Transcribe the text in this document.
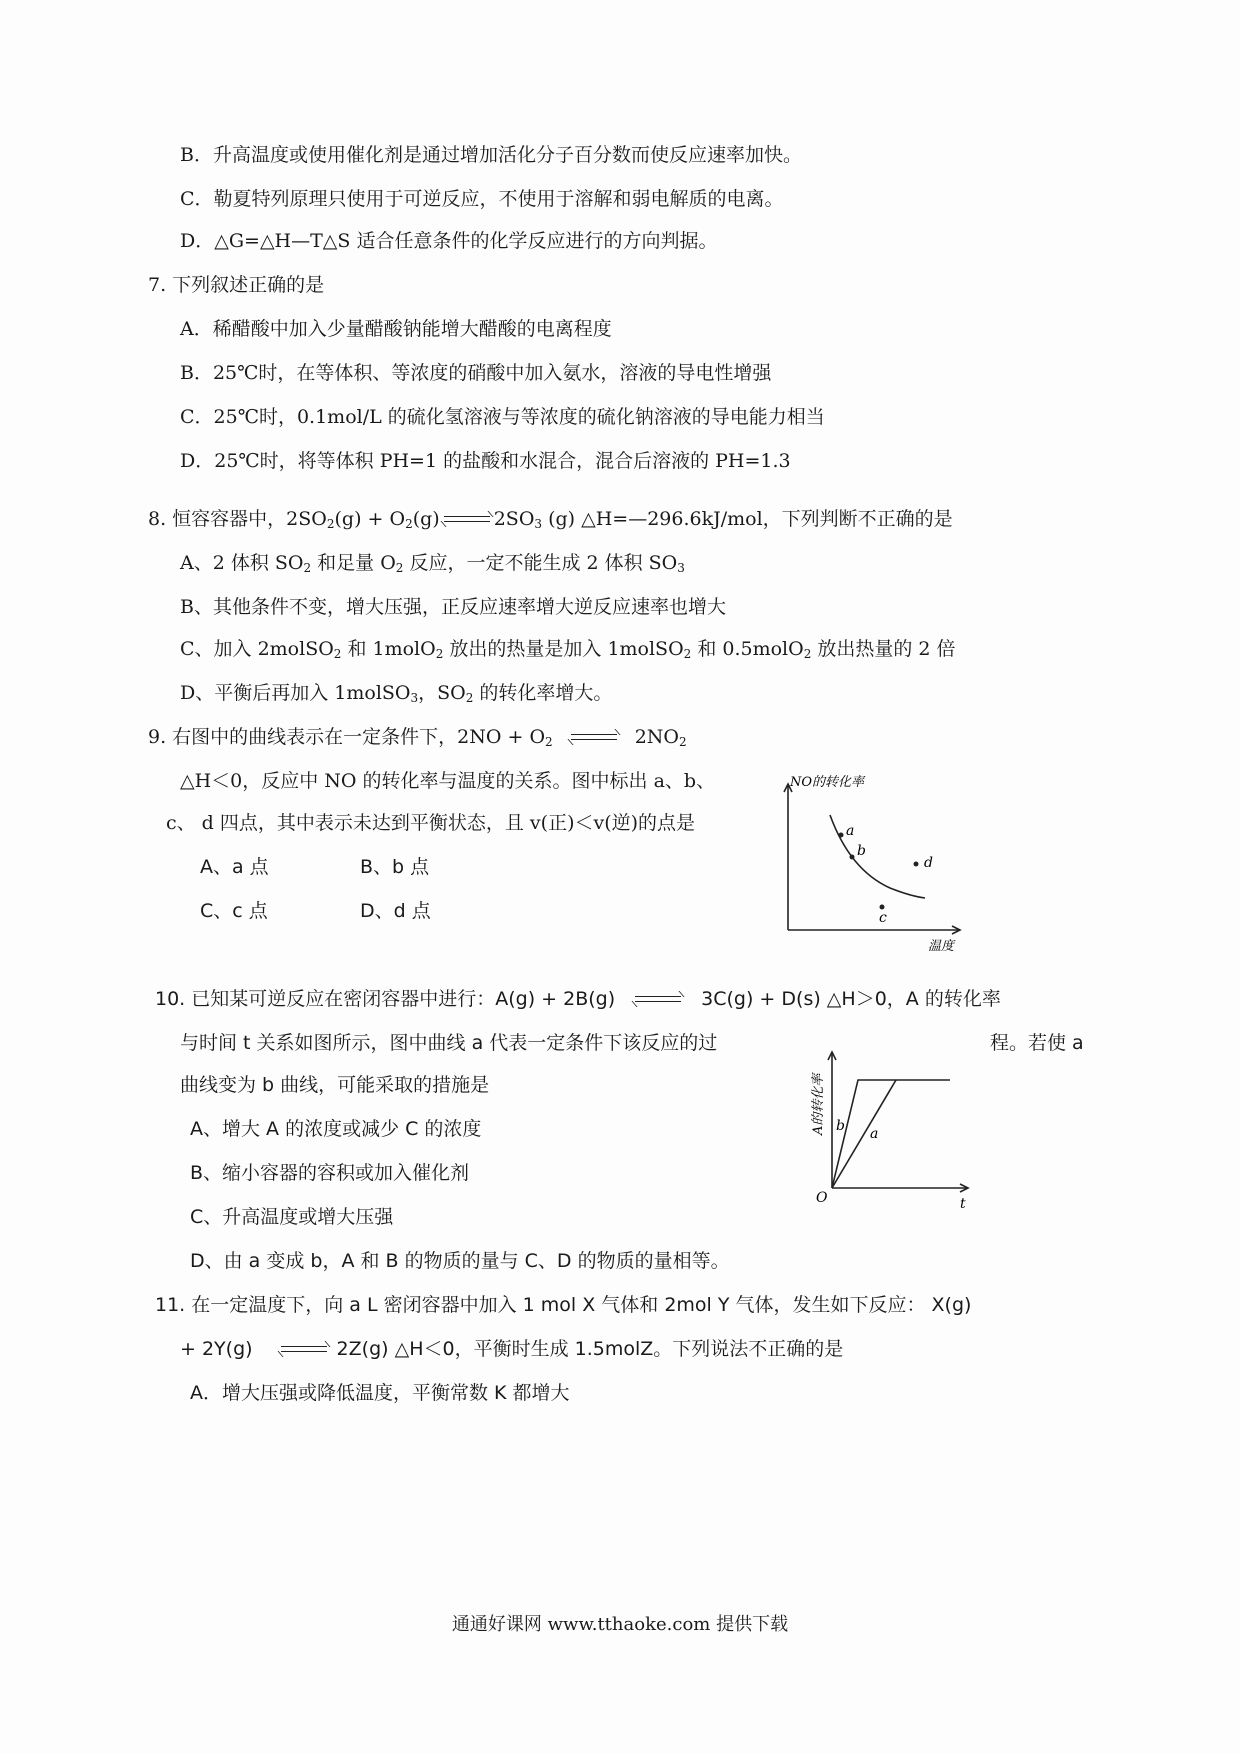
B．升高温度或使用催化剂是通过增加活化分子百分数而使反应速率加快。
C．勒夏特列原理只使用于可逆反应，不使用于溶解和弱电解质的电离。
D．△G=△H—T△S 适合任意条件的化学反应进行的方向判据。
7. 下列叙述正确的是
A．稀醋酸中加入少量醋酸钠能增大醋酸的电离程度
B．25℃时，在等体积、等浓度的硝酸中加入氨水，溶液的导电性增强
C．25℃时，0.1mol/L 的硫化氢溶液与等浓度的硫化钠溶液的导电能力相当
D．25℃时，将等体积 PH=1 的盐酸和水混合，混合后溶液的 PH=1.3
8. 恒容容器中，$2SO_2(g) + O_2(g)$	$2SO_3$ (g) △H=—296.6kJ/mol，下列判断不正确的是
A、2 体积 $SO_2$ 和足量 $O_2$ 反应，一定不能生成 2 体积 $SO_3$
B、其他条件不变，增大压强，正反应速率增大逆反应速率也增大
C、加入 2molSO$_2$ 和 1molO$_2$ 放出的热量是加入 1molSO$_2$ 和 0.5molO$_2$ 放出热量的 2 倍
D、平衡后再加入 1molSO$_3$，$SO_2$ 的转化率增大。
9. 右图中的曲线表示在一定条件下，$2NO + O_2$	$2NO_2$
△H＜0，反应中 NO 的转化率与温度的关系。图中标出 a、b、
c、 d 四点，其中表示未达到平衡状态，且 v(正)＜v(逆)的点是
A、a 点	B、b 点
C、c 点	D、d 点
NO的转化率
温度
a
b
c
d
10. 已知某可逆反应在密闭容器中进行：A(g) + 2B(g)	3C(g) + D(s) △H＞0，A 的转化率
与时间 t 关系如图所示，图中曲线 a 代表一定条件下该反应的过	程。若使 a
曲线变为 b 曲线，可能采取的措施是
A、增大 A 的浓度或减少 C 的浓度
B、缩小容器的容积或加入催化剂
C、升高温度或增大压强
D、由 a 变成 b，A 和 B 的物质的量与 C、D 的物质的量相等。
A的转化率
t
O
b a
11. 在一定温度下，向 a L 密闭容器中加入 1 mol X 气体和 2mol Y 气体，发生如下反应： X(g)
+ 2Y(g)	2Z(g) △H＜0，平衡时生成 1.5molZ。下列说法不正确的是
A．增大压强或降低温度，平衡常数 K 都增大
通通好课网 www.tthaoke.com 提供下载
